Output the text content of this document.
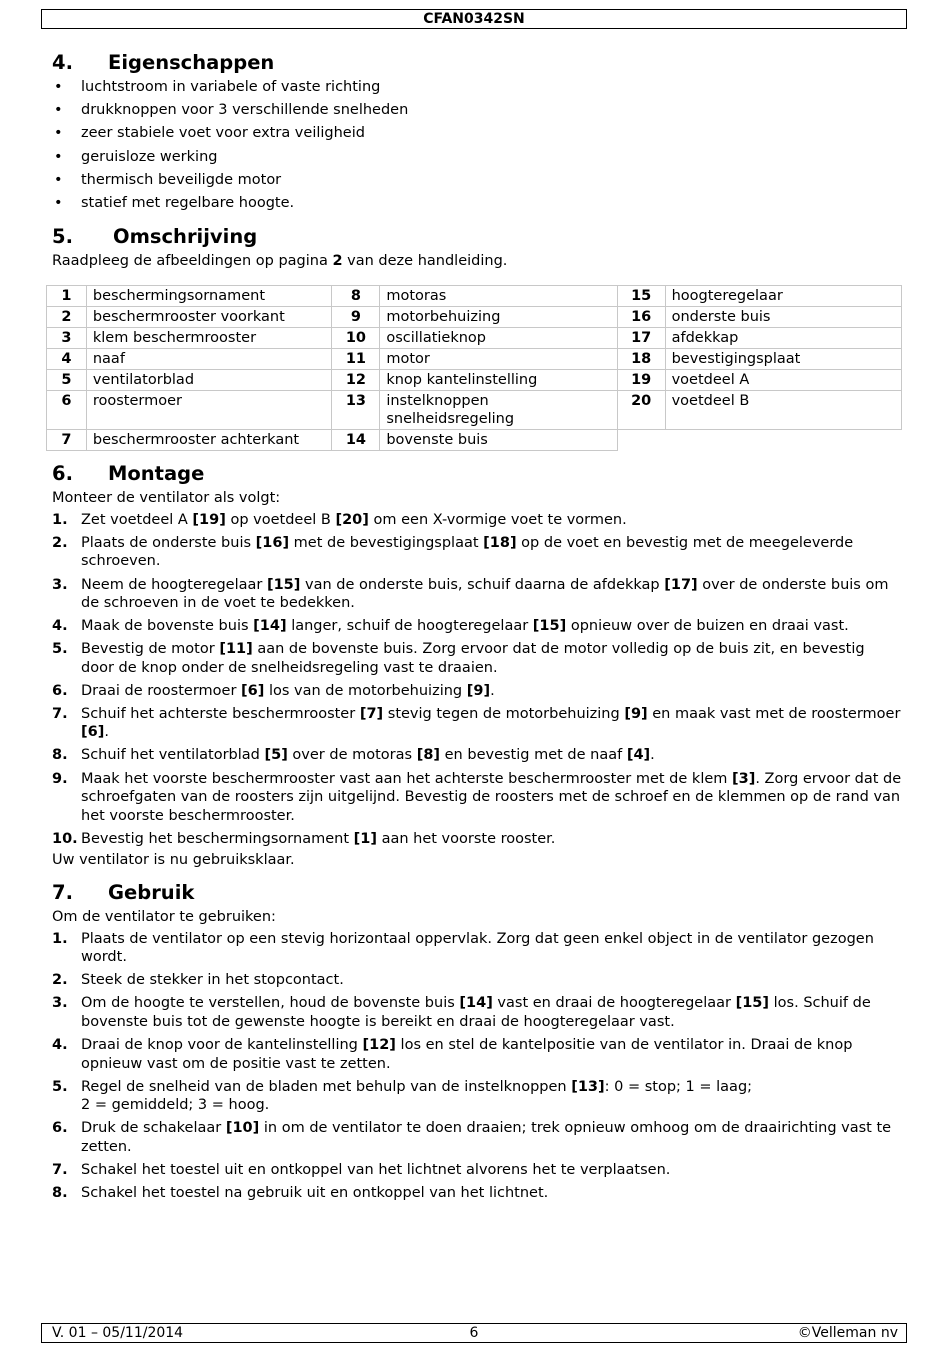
CFAN0342SN
4.	Eigenschappen
• luchtstroom in variabele of vaste richting
• drukknoppen voor 3 verschillende snelheden
• zeer stabiele voet voor extra veiligheid
• geruisloze werking
• thermisch beveiligde motor
• statief met regelbare hoogte.
5.	Omschrijving

Raadpleeg de afbeeldingen op pagina 2 van deze handleiding.

1	beschermingsornament	8	motoras	15	hoogteregelaar
2	beschermrooster voorkant	9	motorbehuizing	16	onderste buis
3	klem beschermrooster	10	oscillatieknop	17	afdekkap
4	naaf	11	motor	18	bevestigingsplaat
5	ventilatorblad	12	knop kantelinstelling	19	voetdeel A
6	roostermoer	13	instelknoppen snelheidsregeling	20	voetdeel B
7	beschermrooster achterkant	14	bovenste buis		
6.	Montage

Monteer de ventilator als volgt:

1. Zet voetdeel A [19] op voetdeel B [20] om een X-vormige voet te vormen.
2. Plaats de onderste buis [16] met de bevestigingsplaat [18] op de voet en bevestig met de meegeleverde schroeven.
3. Neem de hoogteregelaar [15] van de onderste buis, schuif daarna de afdekkap [17] over de onderste buis om de schroeven in de voet te bedekken.
4. Maak de bovenste buis [14] langer, schuif de hoogteregelaar [15] opnieuw over de buizen en draai vast.
5. Bevestig de motor [11] aan de bovenste buis. Zorg ervoor dat de motor volledig op de buis zit, en bevestig door de knop onder de snelheidsregeling vast te draaien.
6. Draai de roostermoer [6] los van de motorbehuizing [9].
7. Schuif het achterste beschermrooster [7] stevig tegen de motorbehuizing [9] en maak vast met de roostermoer [6].
8. Schuif het ventilatorblad [5] over de motoras [8] en bevestig met de naaf [4].
9. Maak het voorste beschermrooster vast aan het achterste beschermrooster met de klem [3]. Zorg ervoor dat de schroefgaten van de roosters zijn uitgelijnd. Bevestig de roosters met de schroef en de klemmen op de rand van het voorste beschermrooster.
10. Bevestig het beschermingsornament [1] aan het voorste rooster.

Uw ventilator is nu gebruiksklaar.

7.	Gebruik

Om de ventilator te gebruiken:

1. Plaats de ventilator op een stevig horizontaal oppervlak. Zorg dat geen enkel object in de ventilator gezogen wordt.
2. Steek de stekker in het stopcontact.
3. Om de hoogte te verstellen, houd de bovenste buis [14] vast en draai de hoogteregelaar [15] los. Schuif de bovenste buis tot de gewenste hoogte is bereikt en draai de hoogteregelaar vast.
4. Draai de knop voor de kantelinstelling [12] los en stel de kantelpositie van de ventilator in. Draai de knop opnieuw vast om de positie vast te zetten.
5. Regel de snelheid van de bladen met behulp van de instelknoppen [13]: 0 = stop; 1 = laag;
2 = gemiddeld; 3 = hoog.
6. Druk de schakelaar [10] in om de ventilator te doen draaien; trek opnieuw omhoog om de draairichting vast te zetten.
7. Schakel het toestel uit en ontkoppel van het lichtnet alvorens het te verplaatsen.
8. Schakel het toestel na gebruik uit en ontkoppel van het lichtnet.
V. 01 – 05/11/2014	6	©Velleman nv
